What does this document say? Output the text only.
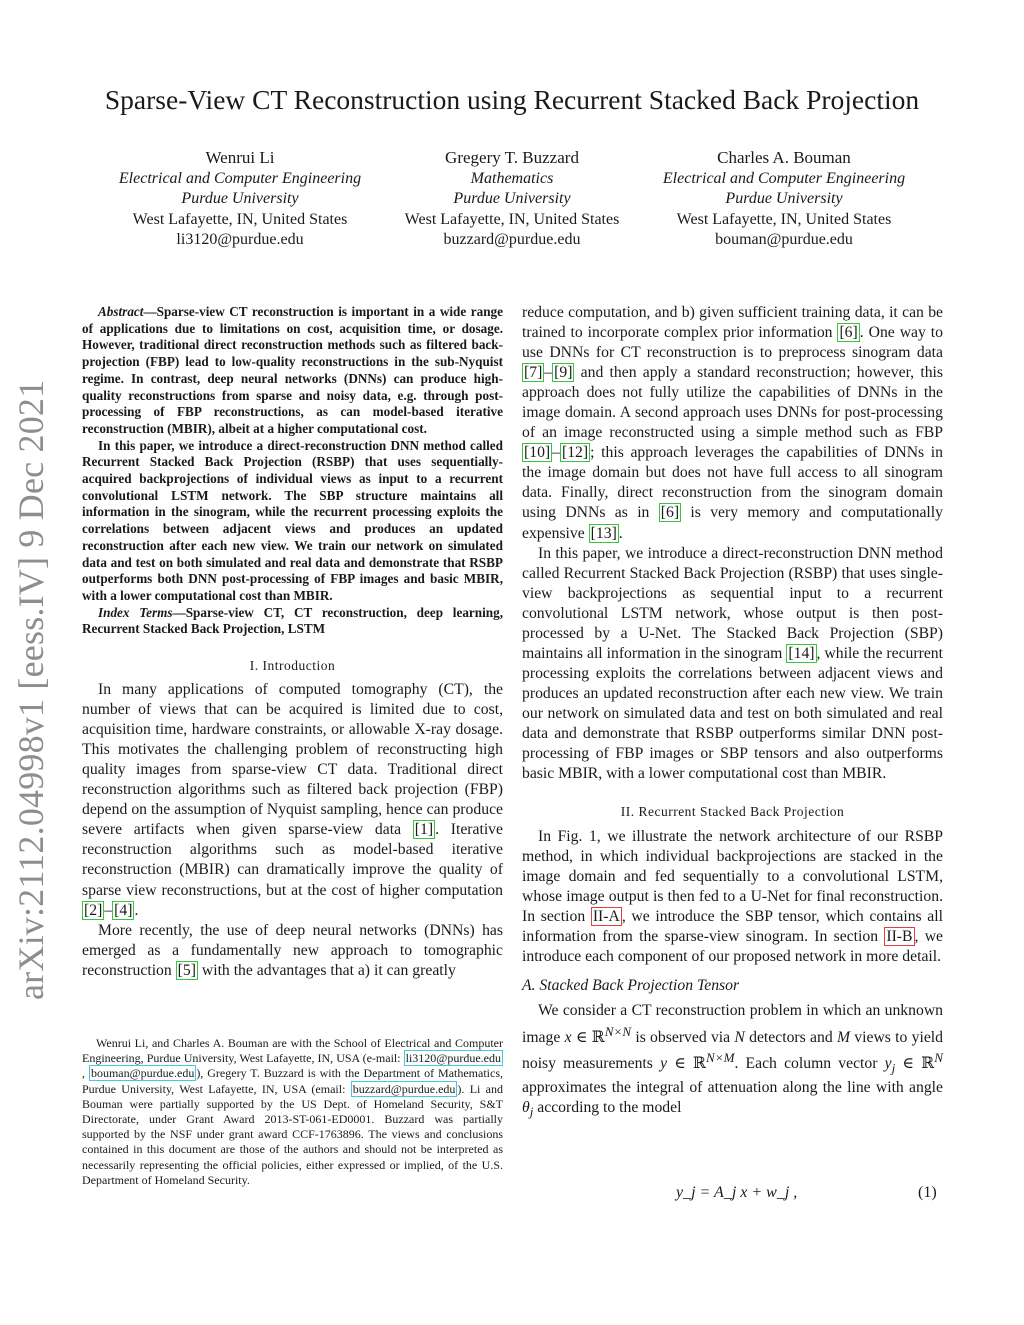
arXiv:2112.04998v1 [eess.IV] 9 Dec 2021
Sparse-View CT Reconstruction using Recurrent Stacked Back Projection
Wenrui Li
Electrical and Computer Engineering
Purdue University
West Lafayette, IN, United States
li3120@purdue.edu
Gregery T. Buzzard
Mathematics
Purdue University
West Lafayette, IN, United States
buzzard@purdue.edu
Charles A. Bouman
Electrical and Computer Engineering
Purdue University
West Lafayette, IN, United States
bouman@purdue.edu

Abstract—Sparse-view CT reconstruction is important in a wide range of applications due to limitations on cost, acquisition time, or dosage. However, traditional direct reconstruction methods such as filtered back-projection (FBP) lead to low-quality reconstructions in the sub-Nyquist regime. In contrast, deep neural networks (DNNs) can produce high-quality reconstructions from sparse and noisy data, e.g. through post-processing of FBP reconstructions, as can model-based iterative reconstruction (MBIR), albeit at a higher computational cost.

In this paper, we introduce a direct-reconstruction DNN method called Recurrent Stacked Back Projection (RSBP) that uses sequentially-acquired backprojections of individual views as input to a recurrent convolutional LSTM network. The SBP structure maintains all information in the sinogram, while the recurrent processing exploits the correlations between adjacent views and produces an updated reconstruction after each new view. We train our network on simulated data and test on both simulated and real data and demonstrate that RSBP outperforms both DNN post-processing of FBP images and basic MBIR, with a lower computational cost than MBIR.

Index Terms—Sparse-view CT, CT reconstruction, deep learning, Recurrent Stacked Back Projection, LSTM

I. Introduction

In many applications of computed tomography (CT), the number of views that can be acquired is limited due to cost, acquisition time, hardware constraints, or allowable X-ray dosage. This motivates the challenging problem of reconstructing high quality images from sparse-view CT data. Traditional direct reconstruction algorithms such as filtered back projection (FBP) depend on the assumption of Nyquist sampling, hence can produce severe artifacts when given sparse-view data [1] . Iterative reconstruction algorithms such as model-based iterative reconstruction (MBIR) can dramatically improve the quality of sparse view reconstructions, but at the cost of higher computation [2] – [4] .

More recently, the use of deep neural networks (DNNs) has emerged as a fundamentally new approach to tomographic reconstruction [5] with the advantages that a) it can greatly

Wenrui Li, and Charles A. Bouman are with the School of Electrical and Computer Engineering, Purdue University, West Lafayette, IN, USA (e-mail: li3120@purdue.edu , bouman@purdue.edu ), Gregery T. Buzzard is with the Department of Mathematics, Purdue University, West Lafayette, IN, USA (email: buzzard@purdue.edu ). Li and Bouman were partially supported by the US Dept. of Homeland Security, S&T Directorate, under Grant Award 2013-ST-061-ED0001. Buzzard was partially supported by the NSF under grant award CCF-1763896. The views and conclusions contained in this document are those of the authors and should not be interpreted as necessarily representing the official policies, either expressed or implied, of the U.S. Department of Homeland Security.

reduce computation, and b) given sufficient training data, it can be trained to incorporate complex prior information [6] . One way to use DNNs for CT reconstruction is to preprocess sinogram data [7] – [9] and then apply a standard reconstruction; however, this approach does not fully utilize the capabilities of DNNs in the image domain. A second approach uses DNNs for post-processing of an image reconstructed using a simple method such as FBP [10] – [12] ; this approach leverages the capabilities of DNNs in the image domain but does not have full access to all sinogram data. Finally, direct reconstruction from the sinogram domain using DNNs as in [6] is very memory and computationally expensive [13] .

In this paper, we introduce a direct-reconstruction DNN method called Recurrent Stacked Back Projection (RSBP) that uses single-view backprojections as sequential input to a recurrent convolutional LSTM network, whose output is then post-processed by a U-Net. The Stacked Back Projection (SBP) maintains all information in the sinogram [14] , while the recurrent processing exploits the correlations between adjacent views and produces an updated reconstruction after each new view. We train our network on simulated data and test on both simulated and real data and demonstrate that RSBP outperforms similar DNN post-processing of FBP images or SBP tensors and also outperforms basic MBIR, with a lower computational cost than MBIR.

II. Recurrent Stacked Back Projection

In Fig. 1, we illustrate the network architecture of our RSBP method, in which individual backprojections are stacked in the image domain and fed sequentially to a convolutional LSTM, whose image output is then fed to a U-Net for final reconstruction. In section II-A , we introduce the SBP tensor, which contains all information from the sparse-view sinogram. In section II-B , we introduce each component of our proposed network in more detail.

A. Stacked Back Projection Tensor

We consider a CT reconstruction problem in which an unknown image x ∈ ℝ$^{N\times N}$ is observed via N detectors and M views to yield noisy measurements y ∈ ℝ$^{N\times M}$. Each column vector $y_j$ ∈ ℝ$^N$ approximates the integral of attenuation along the line with angle $\theta_j$ according to the model

y_j = A_j x + w_j ,	(1)
